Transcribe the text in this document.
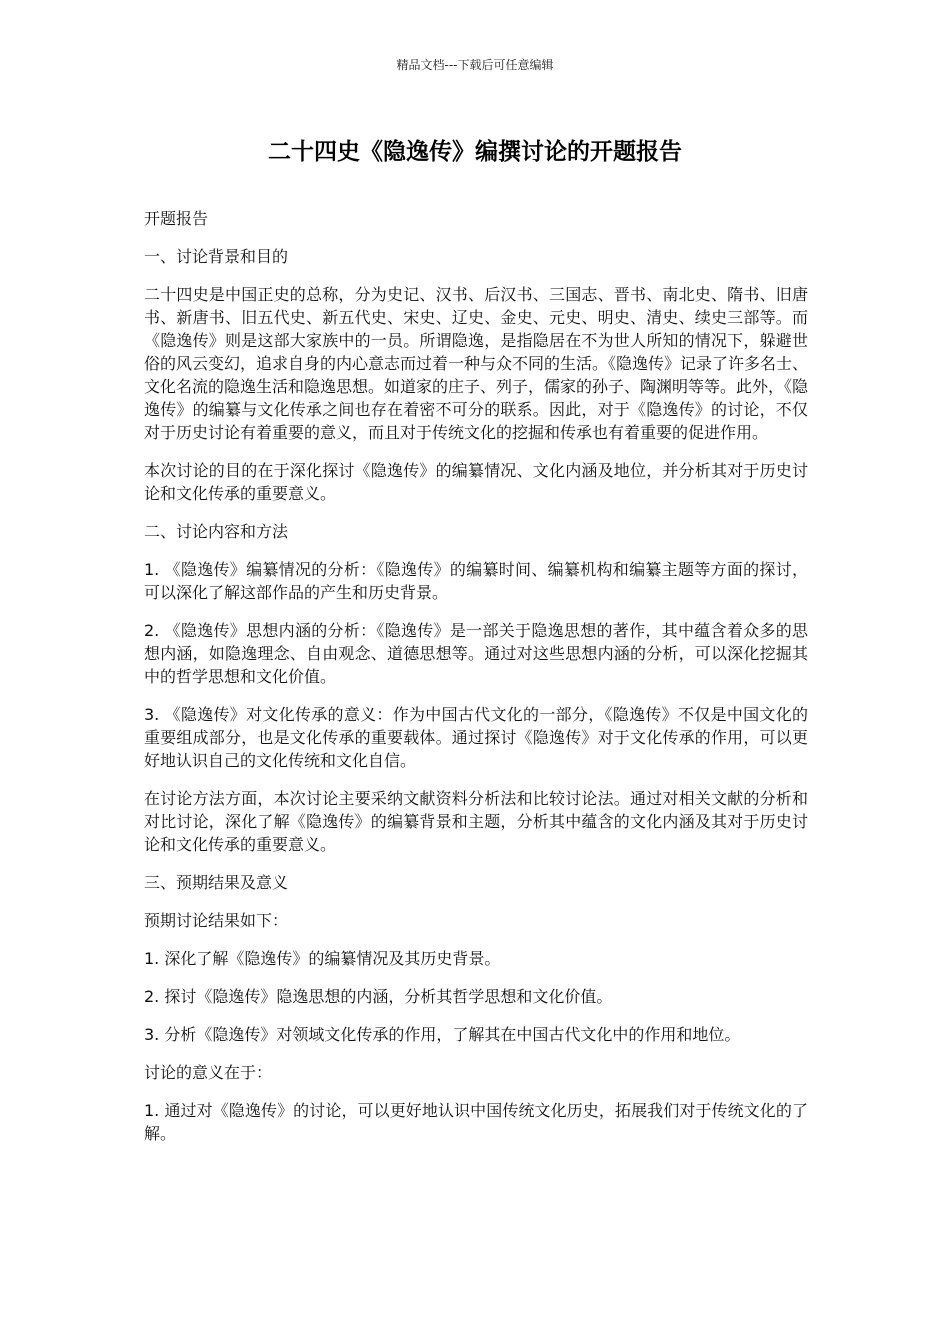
精品文档---下载后可任意编辑
二十四史《隐逸传》编撰讨论的开题报告

开题报告

一、讨论背景和目的

二十四史是中国正史的总称，分为史记、汉书、后汉书、三国志、晋书、南北史、隋书、旧唐书、新唐书、旧五代史、新五代史、宋史、辽史、金史、元史、明史、清史、续史三部等。而《隐逸传》则是这部大家族中的一员。所谓隐逸，是指隐居在不为世人所知的情况下，躲避世俗的风云变幻，追求自身的内心意志而过着一种与众不同的生活。《隐逸传》记录了许多名士、文化名流的隐逸生活和隐逸思想。如道家的庄子、列子，儒家的孙子、陶渊明等等。此外，《隐逸传》的编纂与文化传承之间也存在着密不可分的联系。因此，对于《隐逸传》的讨论，不仅对于历史讨论有着重要的意义，而且对于传统文化的挖掘和传承也有着重要的促进作用。

本次讨论的目的在于深化探讨《隐逸传》的编纂情况、文化内涵及地位，并分析其对于历史讨论和文化传承的重要意义。

二、讨论内容和方法

1. 《隐逸传》编纂情况的分析：《隐逸传》的编纂时间、编纂机构和编纂主题等方面的探讨，可以深化了解这部作品的产生和历史背景。

2. 《隐逸传》思想内涵的分析：《隐逸传》是一部关于隐逸思想的著作，其中蕴含着众多的思想内涵，如隐逸理念、自由观念、道德思想等。通过对这些思想内涵的分析，可以深化挖掘其中的哲学思想和文化价值。

3. 《隐逸传》对文化传承的意义：作为中国古代文化的一部分，《隐逸传》不仅是中国文化的重要组成部分，也是文化传承的重要载体。通过探讨《隐逸传》对于文化传承的作用，可以更好地认识自己的文化传统和文化自信。

在讨论方法方面，本次讨论主要采纳文献资料分析法和比较讨论法。通过对相关文献的分析和对比讨论，深化了解《隐逸传》的编纂背景和主题，分析其中蕴含的文化内涵及其对于历史讨论和文化传承的重要意义。

三、预期结果及意义

预期讨论结果如下：

1. 深化了解《隐逸传》的编纂情况及其历史背景。

2. 探讨《隐逸传》隐逸思想的内涵，分析其哲学思想和文化价值。

3. 分析《隐逸传》对领域文化传承的作用，了解其在中国古代文化中的作用和地位。

讨论的意义在于：

1. 通过对《隐逸传》的讨论，可以更好地认识中国传统文化历史，拓展我们对于传统文化的了解。
